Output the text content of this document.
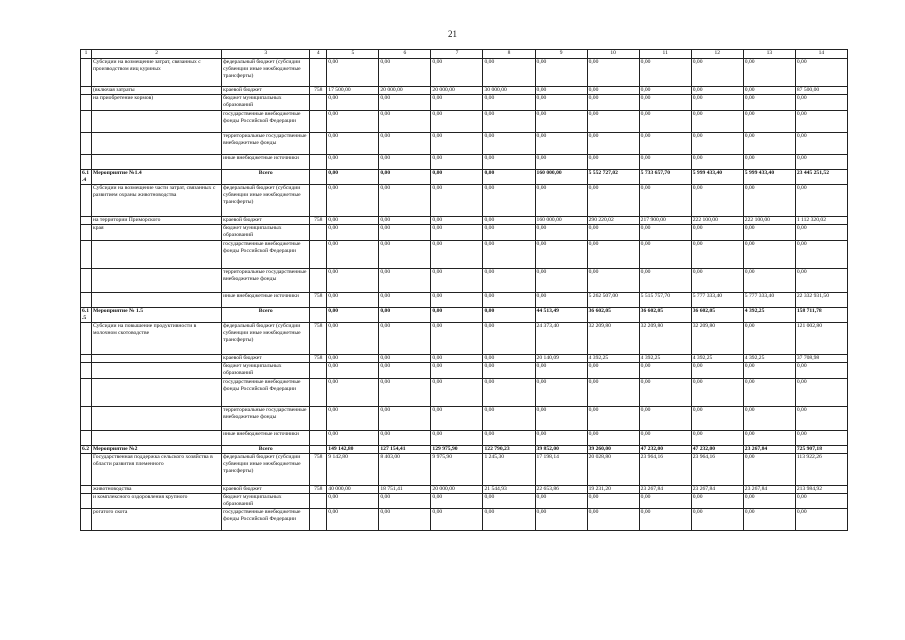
21
1	2	3	4	5	6	7	8	9	10	11	12	13	14
	Субсидии на возмещение затрат, связанных с производством яиц куриных	федеральный бюджет (субсидии субвенции иные межбюджетные трансферты)		0,00	0,00	0,00	0,00	0,00	0,00	0,00	0,00	0,00	0,00
	(включая затраты	краевой бюджет	758	17 500,00	20 000,00	20 000,00	30 000,00	0,00	0,00	0,00	0,00	0,00	87 500,00
	на приобретение кормов)	бюджет муниципальных образований		0,00	0,00	0,00	0,00	0,00	0,00	0,00	0,00	0,00	0,00
		государственные внебюджетные фонды Российской Федерации		0,00	0,00	0,00	0,00	0,00	0,00	0,00	0,00	0,00	0,00
		территориальные государственные внебюджетные фонды		0,00	0,00	0,00	0,00	0,00	0,00	0,00	0,00	0,00	0,00
		иные внебюджетные источники		0,00	0,00	0,00	0,00	0,00	0,00	0,00	0,00	0,00	0,00
6.1.4	Мероприятие №1.4	Всего		0,00	0,00	0,00	0,00	160 000,00	5 552 727,02	5 733 657,70	5 999 433,40	5 999 433,40	23 445 251,52
	Субсидии на возмещение части затрат, связанных с развитием охраны животноводства	федеральный бюджет (субсидии субвенции иные межбюджетные трансферты)		0,00	0,00	0,00	0,00	0,00	0,00	0,00	0,00	0,00	0,00
	на территории Приморского	краевой бюджет	758	0,00	0,00	0,00	0,00	160 000,00	290 220,02	217 900,00	222 100,00	222 100,00	1 112 320,02
	края	бюджет муниципальных образований		0,00	0,00	0,00	0,00	0,00	0,00	0,00	0,00	0,00	0,00
		государственные внебюджетные фонды Российской Федерации		0,00	0,00	0,00	0,00	0,00	0,00	0,00	0,00	0,00	0,00
		территориальные государственные внебюджетные фонды		0,00	0,00	0,00	0,00	0,00	0,00	0,00	0,00	0,00	0,00
		иные внебюджетные источники	758	0,00	0,00	0,00	0,00	0,00	5 262 507,00	5 515 757,70	5 777 333,40	5 777 333,40	22 332 931,50
6.1.5	Мероприятие № 1.5	Всего		0,00	0,00	0,00	0,00	44 513,49	36 602,05	36 602,05	36 602,05	4 392,25	158 711,78
	Субсидии на повышение продуктивности в молочном скотоводстве	федеральный бюджет (субсидии субвенции иные межбюджетные трансферты)	758	0,00	0,00	0,00	0,00	24 373,40	32 209,80	32 209,80	32 209,80	0,00	121 002,80
		краевой бюджет	758	0,00	0,00	0,00	0,00	20 140,09	4 392,25	4 392,25	4 392,25	4 392,25	37 708,98
		бюджет муниципальных образований		0,00	0,00	0,00	0,00	0,00	0,00	0,00	0,00	0,00	0,00
		государственные внебюджетные фонды Российской Федерации		0,00	0,00	0,00	0,00	0,00	0,00	0,00	0,00	0,00	0,00
		территориальные государственные внебюджетные фонды		0,00	0,00	0,00	0,00	0,00	0,00	0,00	0,00	0,00	0,00
		иные внебюджетные источники		0,00	0,00	0,00	0,00	0,00	0,00	0,00	0,00	0,00	0,00
6.2	Мероприятие №2	Всего		149 142,80	127 154,41	129 975,90	122 790,23	39 852,00	39 260,00	47 232,00	47 232,00	23 267,84	725 907,18
	Государственная поддержка сельского хозяйства в области развития племенного	федеральный бюджет (субсидии субвенции иные межбюджетные трансферты)	758	9 142,80	8 403,00	9 975,90	1 245,30	17 198,14	20 028,80	23 964,16	23 964,16	0,00	113 922,26
	животноводства	краевой бюджет	758	40 000,00	18 751,41	20 000,00	21 544,93	22 653,86	19 231,20	23 267,84	23 267,84	23 267,84	213 984,92
	и комплексного оздоровления крупного	бюджет муниципальных образований		0,00	0,00	0,00	0,00	0,00	0,00	0,00	0,00	0,00	0,00
	рогатого скота	государственные внебюджетные фонды Российской Федерации		0,00	0,00	0,00	0,00	0,00	0,00	0,00	0,00	0,00	0,00
